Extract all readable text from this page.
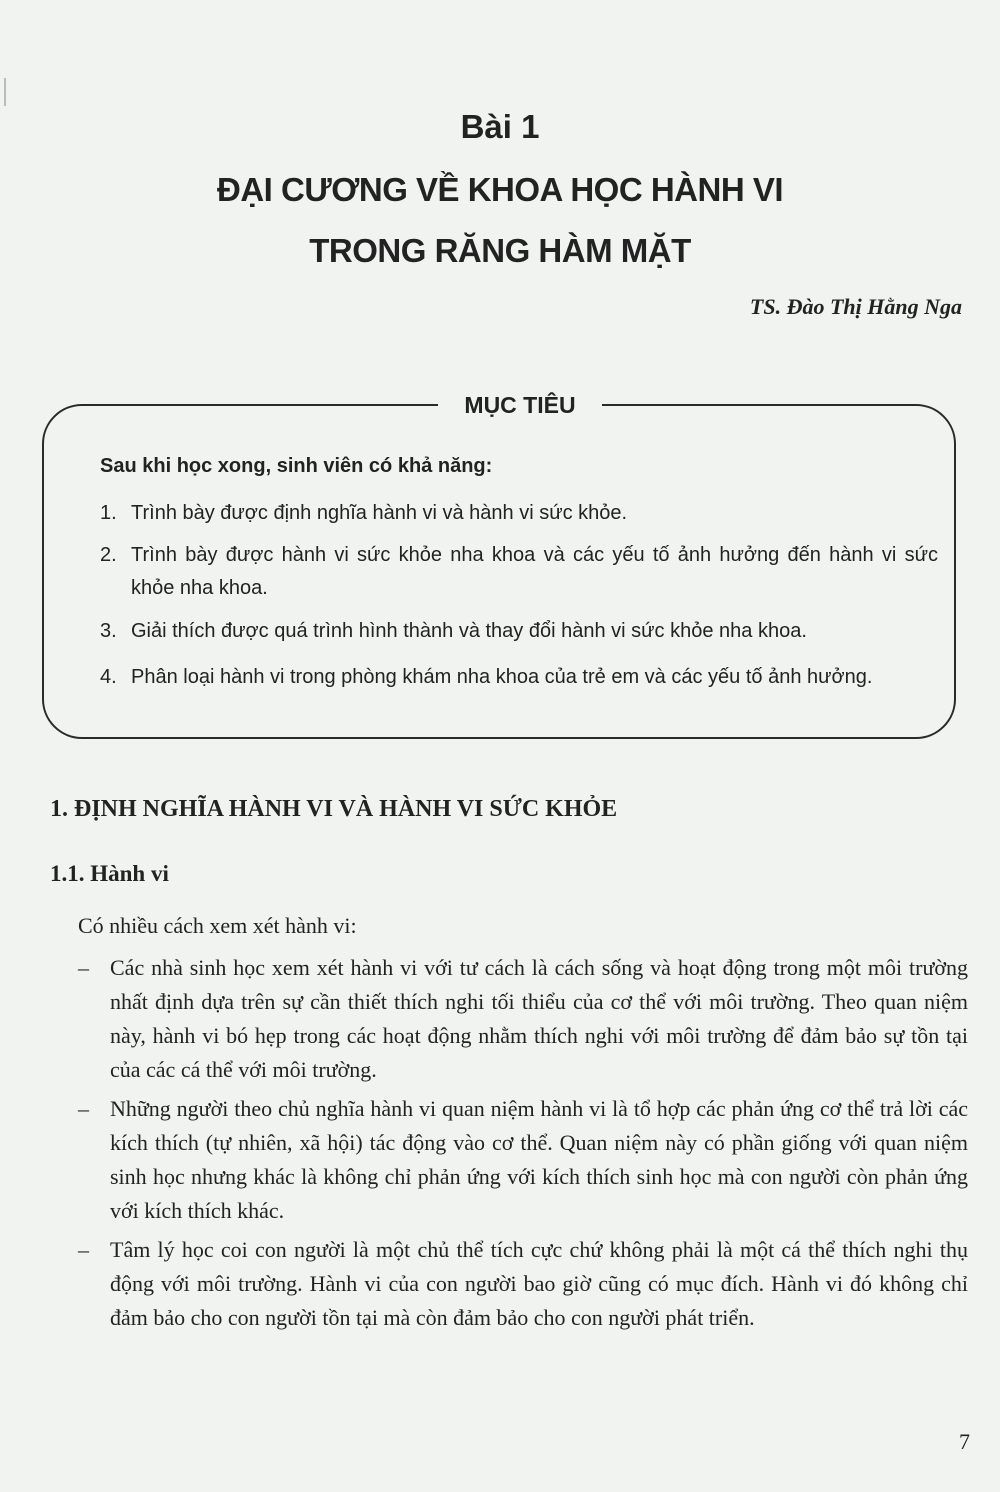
Bài 1
ĐẠI CƯƠNG VỀ KHOA HỌC HÀNH VI
TRONG RĂNG HÀM MẶT
TS. Đào Thị Hằng Nga
MỤC TIÊU
Sau khi học xong, sinh viên có khả năng:
1. Trình bày được định nghĩa hành vi và hành vi sức khỏe.
2. Trình bày được hành vi sức khỏe nha khoa và các yếu tố ảnh hưởng đến hành vi sức khỏe nha khoa.
3. Giải thích được quá trình hình thành và thay đổi hành vi sức khỏe nha khoa.
4. Phân loại hành vi trong phòng khám nha khoa của trẻ em và các yếu tố ảnh hưởng.
1. ĐỊNH NGHĨA HÀNH VI VÀ HÀNH VI SỨC KHỎE
1.1. Hành vi
Có nhiều cách xem xét hành vi:
– Các nhà sinh học xem xét hành vi với tư cách là cách sống và hoạt động trong một môi trường nhất định dựa trên sự cần thiết thích nghi tối thiểu của cơ thể với môi trường. Theo quan niệm này, hành vi bó hẹp trong các hoạt động nhằm thích nghi với môi trường để đảm bảo sự tồn tại của các cá thể với môi trường.
– Những người theo chủ nghĩa hành vi quan niệm hành vi là tổ hợp các phản ứng cơ thể trả lời các kích thích (tự nhiên, xã hội) tác động vào cơ thể. Quan niệm này có phần giống với quan niệm sinh học nhưng khác là không chỉ phản ứng với kích thích sinh học mà con người còn phản ứng với kích thích khác.
– Tâm lý học coi con người là một chủ thể tích cực chứ không phải là một cá thể thích nghi thụ động với môi trường. Hành vi của con người bao giờ cũng có mục đích. Hành vi đó không chỉ đảm bảo cho con người tồn tại mà còn đảm bảo cho con người phát triển.
7
